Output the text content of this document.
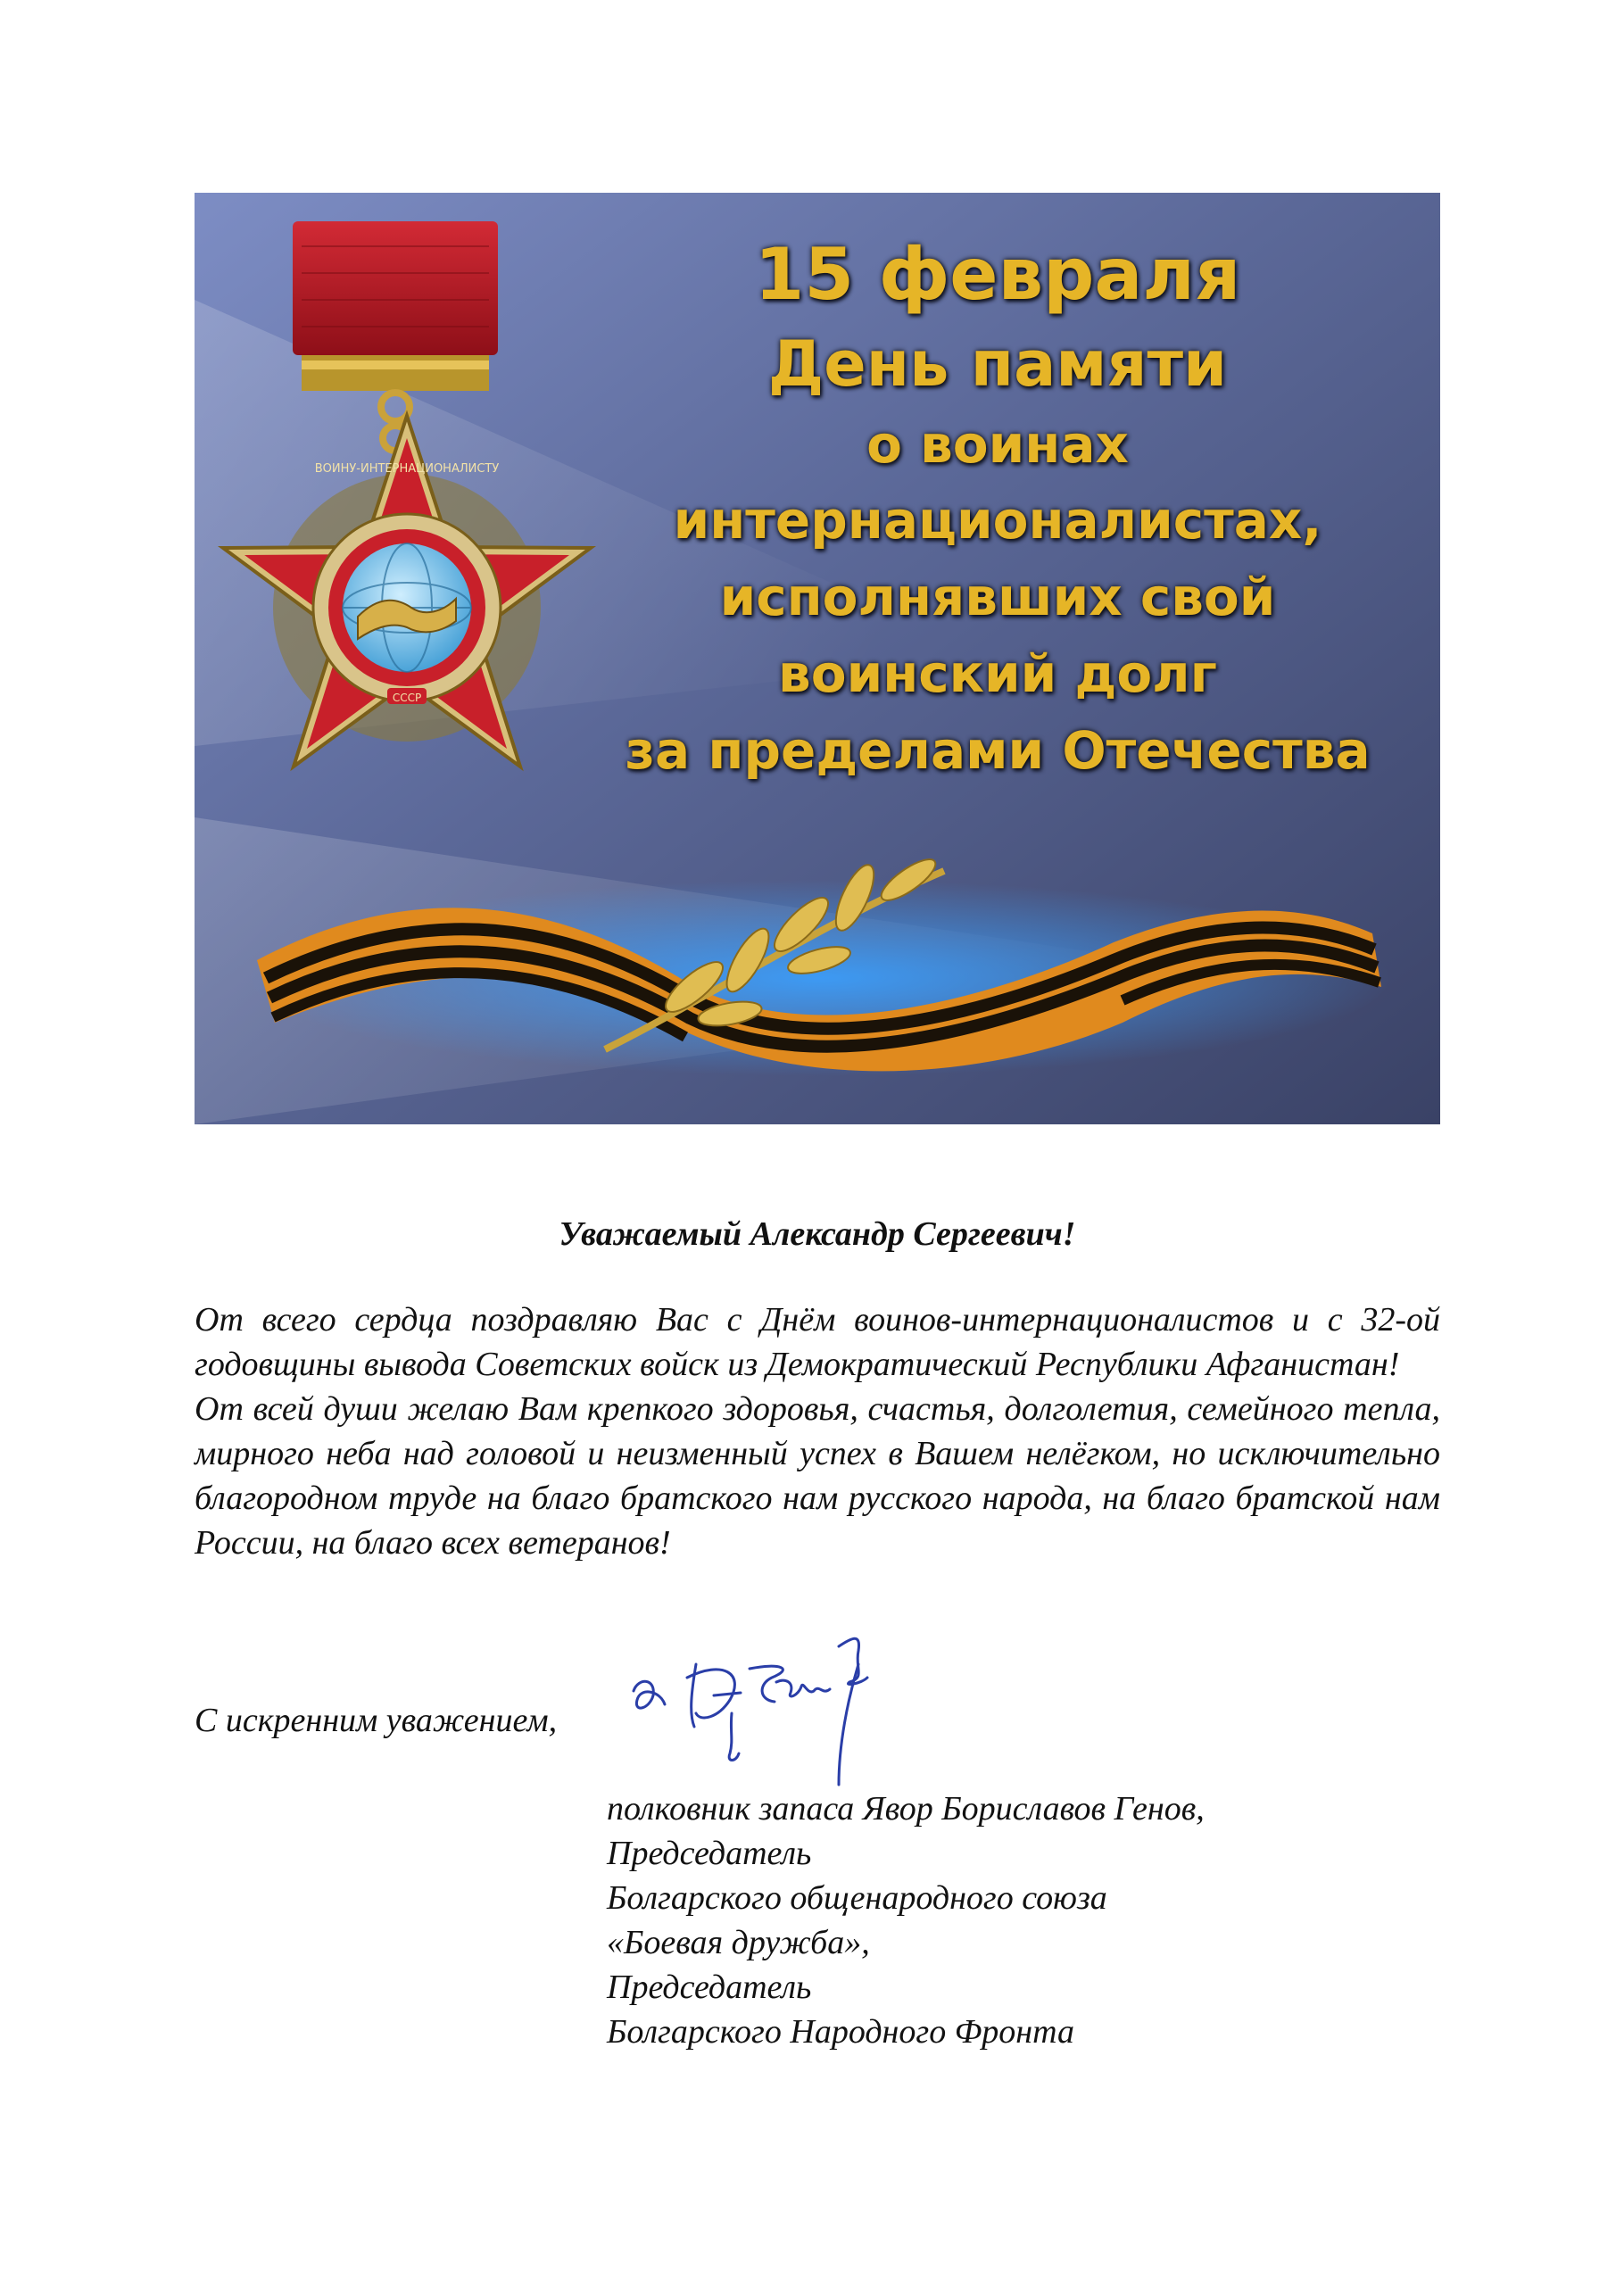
ВОИНУ-ИНТЕРНАЦИОНАЛИСТУ
СССР
15 февраля
День памяти
о воинах
интернационалистах,
исполнявших свой
воинский долг
за пределами Отечества
Уважаемый Александр Сергеевич!

От всего сердца поздравляю Вас с Днём воинов-интернационалистов и с 32-ой годовщины вывода Советских войск из Демократический Республики Афганистан!

От всей души желаю Вам крепкого здоровья, счастья, долголетия, семейного тепла, мирного неба над головой и неизменный успех в Вашем нелёгком, но исключительно благородном труде на благо братского нам русского народа, на благо братской нам России, на благо всех ветеранов!

С искренним уважением,
полковник запаса Явор Бориславов Генов,
Председатель
Болгарского общенародного союза
«Боевая дружба»,
Председатель
Болгарского Народного Фронта
